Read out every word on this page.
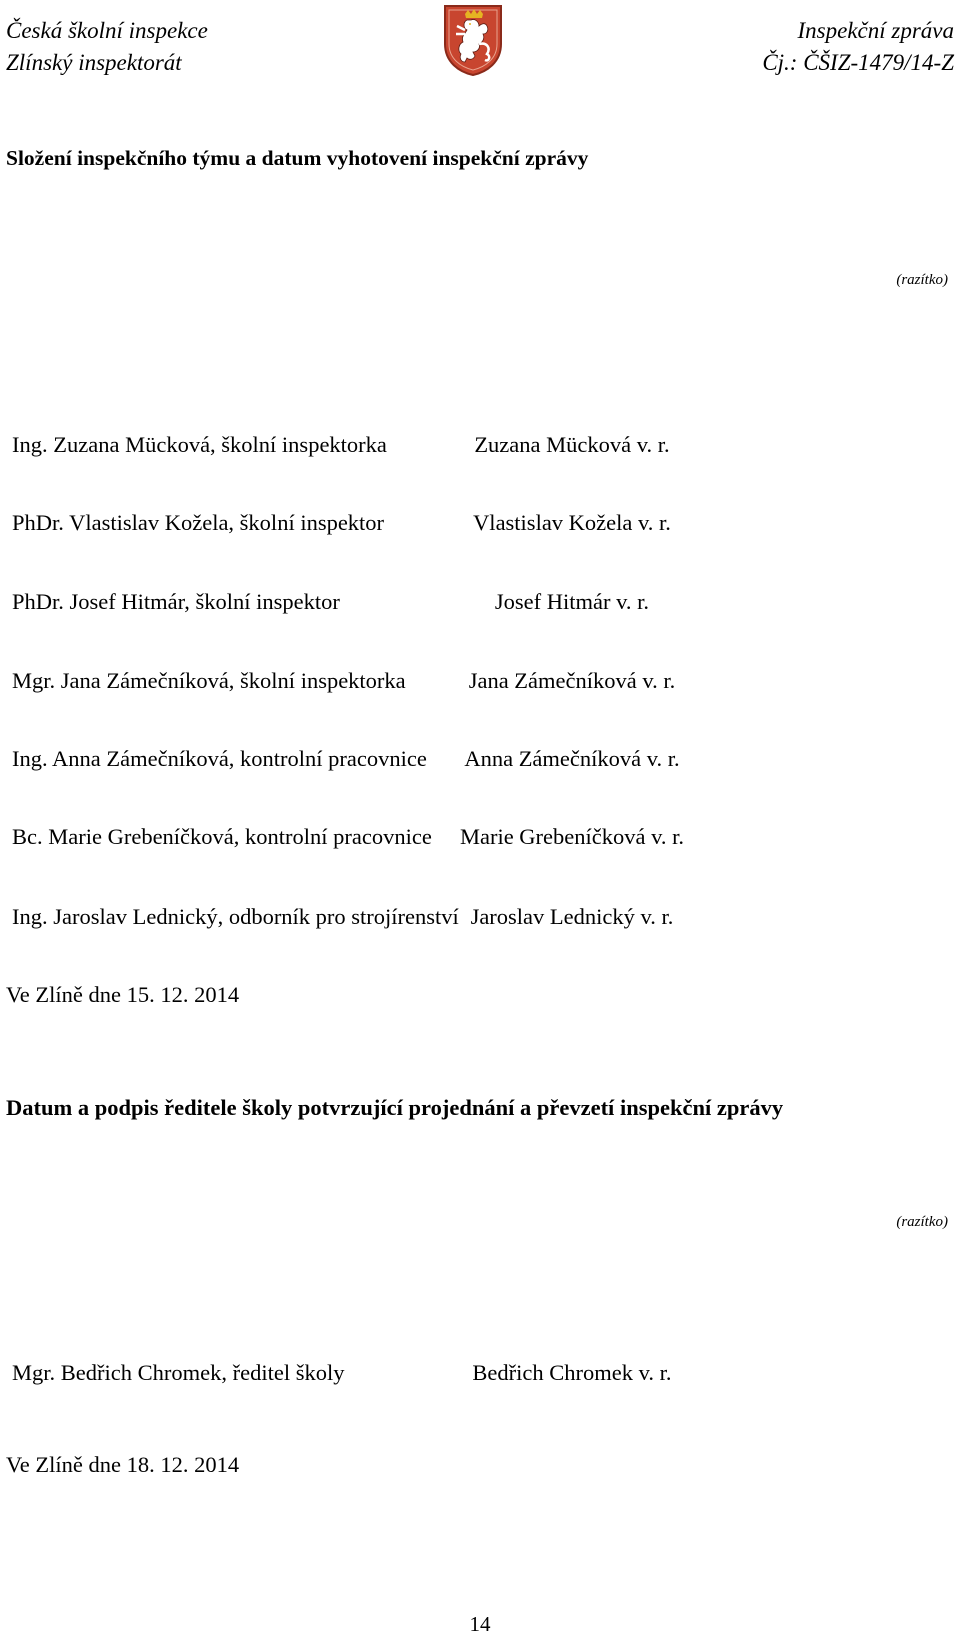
Česká školní inspekce
Zlínský inspektorát
Inspekční zpráva
Čj.: ČŠIZ-1479/14-Z
Složení inspekčního týmu a datum vyhotovení inspekční zprávy
(razítko)
Ing. Zuzana Mücková, školní inspektorka	Zuzana Mücková v. r.
PhDr. Vlastislav Kožela, školní inspektor	Vlastislav Kožela v. r.
PhDr. Josef Hitmár, školní inspektor	Josef Hitmár v. r.
Mgr. Jana Zámečníková, školní inspektorka	Jana Zámečníková v. r.
Ing. Anna Zámečníková, kontrolní pracovnice	Anna Zámečníková v. r.
Bc. Marie Grebeníčková, kontrolní pracovnice	Marie Grebeníčková v. r.
Ing. Jaroslav Lednický, odborník pro strojírenství Jaroslav Lednický v. r.
Ve Zlíně dne 15. 12. 2014
Datum a podpis ředitele školy potvrzující projednání a převzetí inspekční zprávy
(razítko)
Mgr. Bedřich Chromek, ředitel školy	Bedřich Chromek v. r.
Ve Zlíně dne 18. 12. 2014
14
